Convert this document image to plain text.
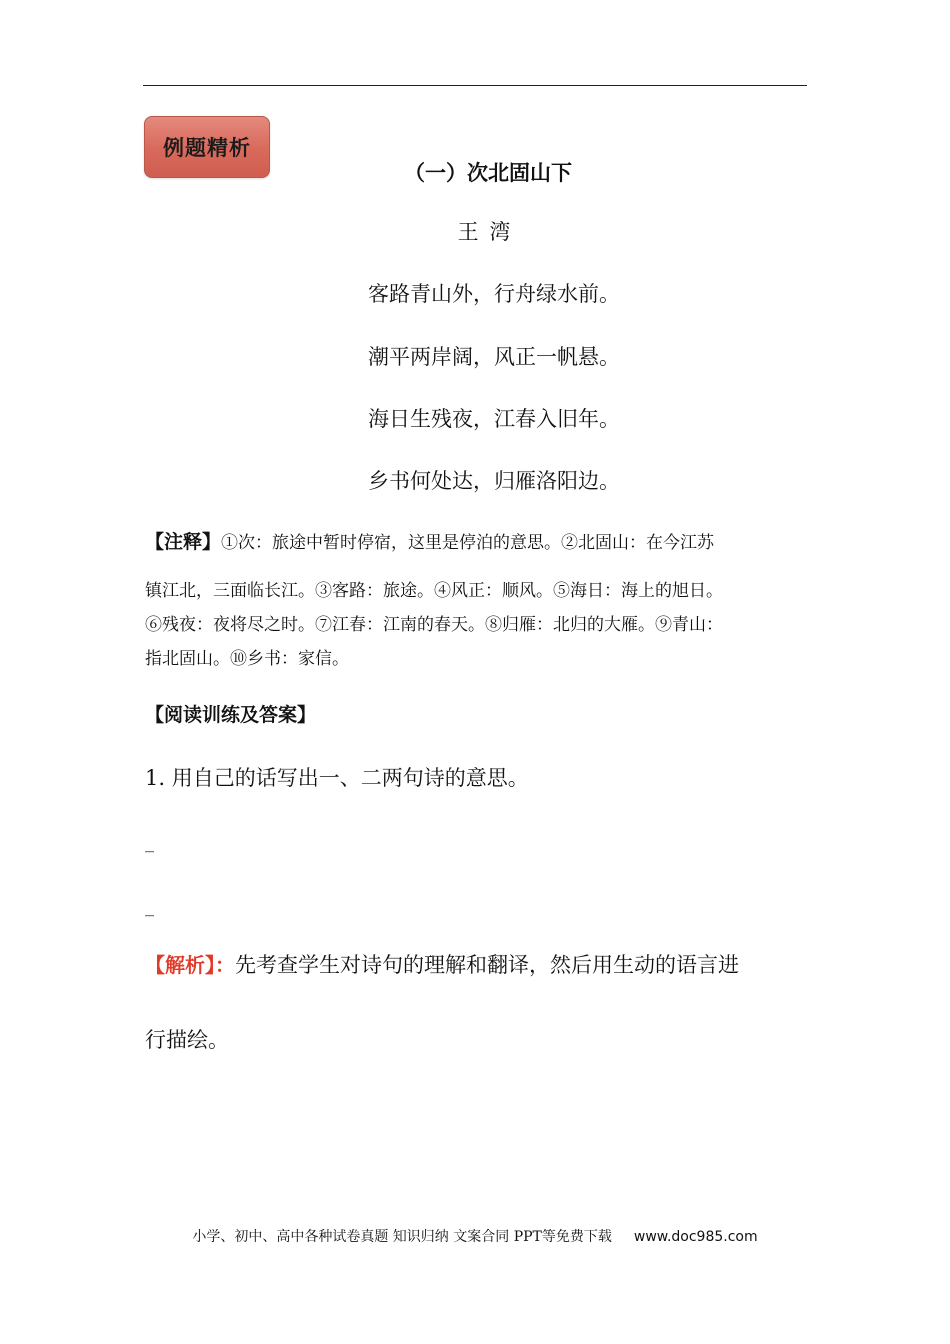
例题精析
（一）次北固山下
王 湾
客路青山外，行舟绿水前。
潮平两岸阔，风正一帆悬。
海日生残夜，江春入旧年。
乡书何处达，归雁洛阳边。
【注释】①次：旅途中暂时停宿，这里是停泊的意思。②北固山：在今江苏
镇江北，三面临长江。③客路：旅途。④风正：顺风。⑤海日：海上的旭日。
⑥残夜：夜将尽之时。⑦江春：江南的春天。⑧归雁：北归的大雁。⑨青山：
指北固山。⑩乡书：家信。
【阅读训练及答案】
1. 用自己的话写出一、二两句诗的意思。
_
_
【解析】：先考查学生对诗句的理解和翻译，然后用生动的语言进
行描绘。
小学、初中、高中各种试卷真题 知识归纳 文案合同 PPT等免费下载 www.doc985.com
